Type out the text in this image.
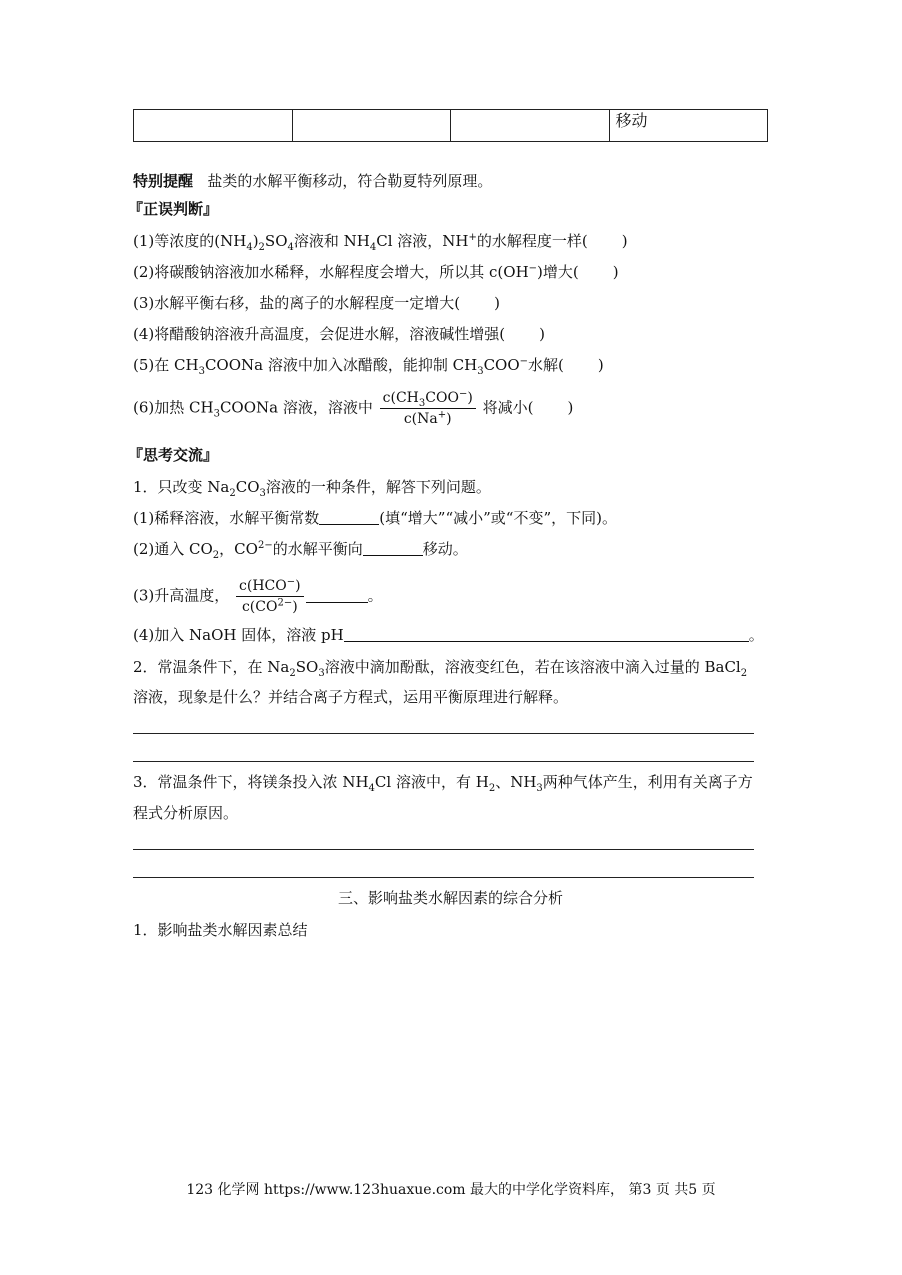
			移动
特别提醒 盐类的水解平衡移动，符合勒夏特列原理。
『正误判断』
(1)等浓度的$(NH_4)_2SO_4$溶液和 $NH_4Cl$ 溶液，NH+的水解程度一样( )
(2)将碳酸钠溶液加水稀释，水解程度会增大，所以其 c(OH−)增大( )
(3)水解平衡右移，盐的离子的水解程度一定增大( )
(4)将醋酸钠溶液升高温度，会促进水解，溶液碱性增强( )
(5)在 $CH_3COONa$ 溶液中加入冰醋酸，能抑制 $CH_3COO^-$水解( )
(6)加热 $CH_3COONa$ 溶液，溶液中 $\frac{c(CH_3COO^-)}{c(Na^+)}$ 将减小( )
『思考交流』
1．只改变 $Na_2CO_3$溶液的一种条件，解答下列问题。
(1)稀释溶液，水解平衡常数	(填“增大”“减小”或“不变”，下同)。
(2)通入 $CO_2$，$CO^{2-}$的水解平衡向	移动。
(3)升高温度， $\frac{c(HCO^-)}{c(CO^{2-})}$	。
(4)加入 NaOH 固体，溶液 pH	。
2．常温条件下，在 $Na_2SO_3$溶液中滴加酚酞，溶液变红色，若在该溶液中滴入过量的 BaCl$_2$
溶液，现象是什么？并结合离子方程式，运用平衡原理进行解释。
3．常温条件下，将镁条投入浓 $NH_4Cl$ 溶液中，有 $H_2$、$NH_3$两种气体产生，利用有关离子方
程式分析原因。
三、影响盐类水解因素的综合分析
1．影响盐类水解因素总结
123 化学网 https://www.123huaxue.com 最大的中学化学资料库， 第3 页 共5 页
